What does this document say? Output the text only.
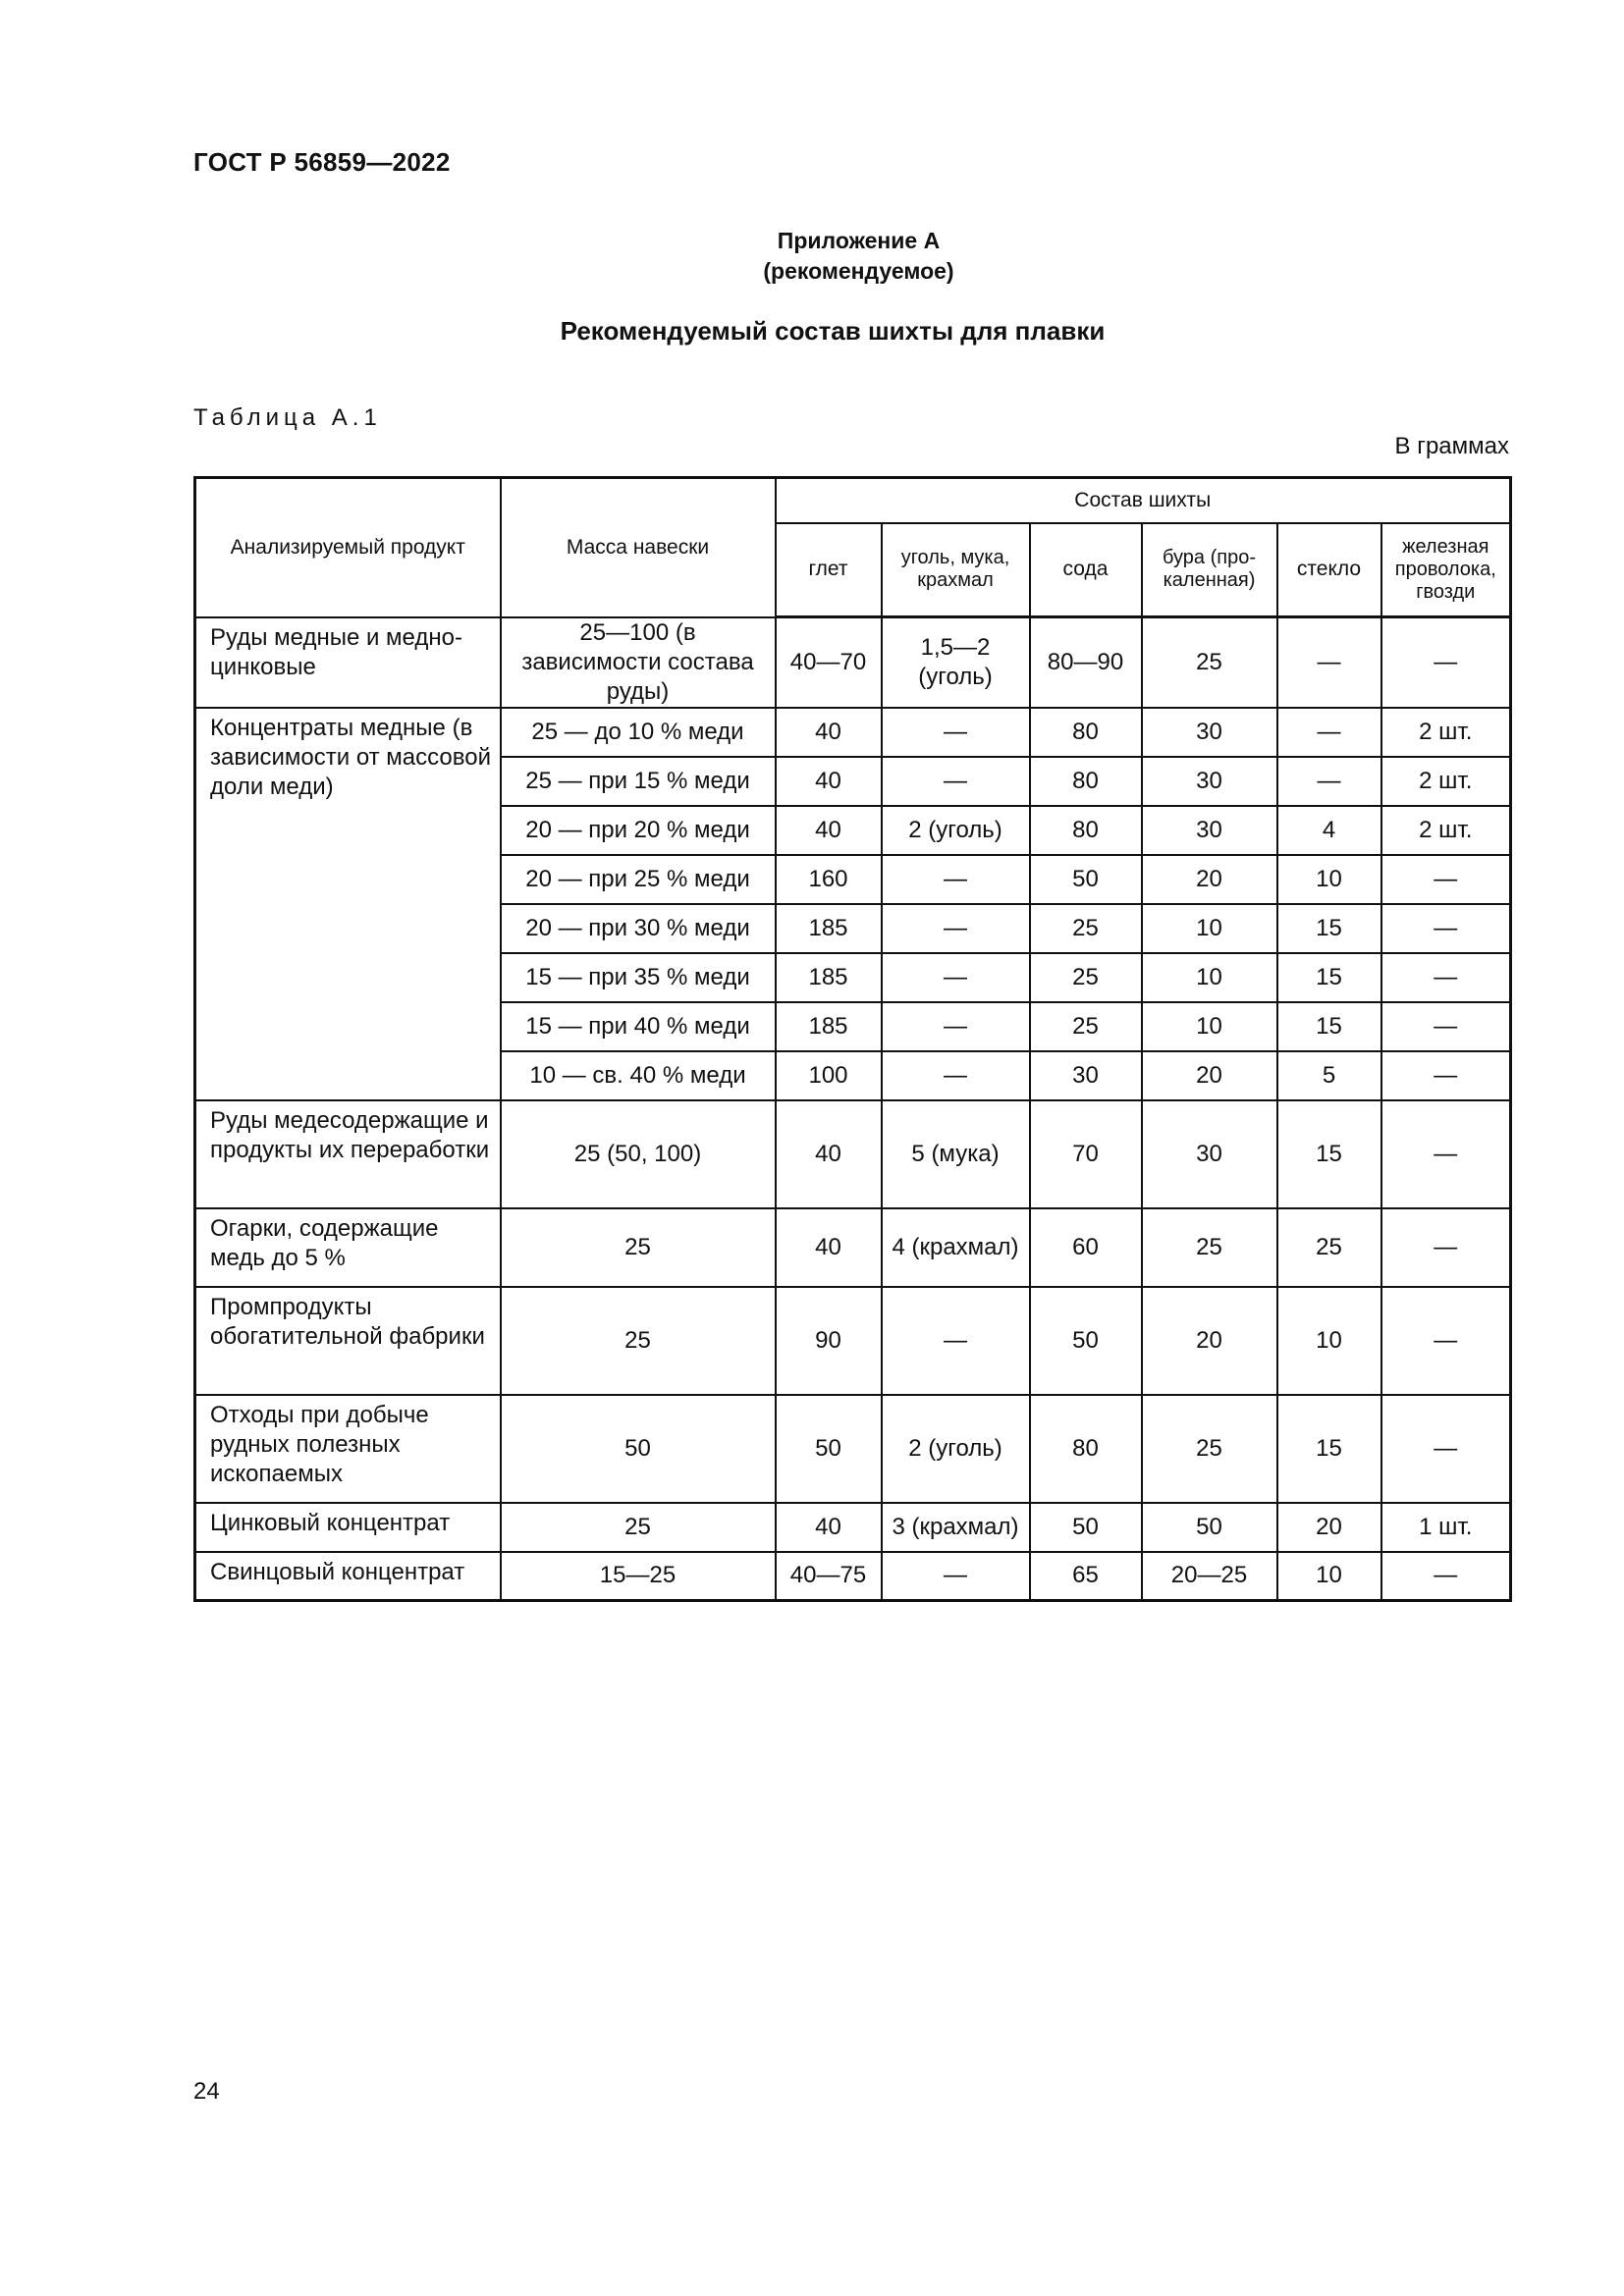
ГОСТ Р 56859—2022
Приложение А
(рекомендуемое)
Рекомендуемый состав шихты для плавки
Таблица А.1
В граммах
Анализируемый продукт	Масса навески	Состав шихты					
		глет	уголь, мука, крахмал	сода	бура (про-каленная)	стекло	железная проволока, гвозди
Руды медные и медно-цинковые	25—100 (в зависимости состава руды)	40—70	1,5—2 (уголь)	80—90	25	—	—
Концентраты медные (в зависимости от массовой доли меди)	25 — до 10 % меди	40	—	80	30	—	2 шт.
	25 — при 15 % меди	40	—	80	30	—	2 шт.
	20 — при 20 % меди	40	2 (уголь)	80	30	4	2 шт.
	20 — при 25 % меди	160	—	50	20	10	—
	20 — при 30 % меди	185	—	25	10	15	—
	15 — при 35 % меди	185	—	25	10	15	—
	15 — при 40 % меди	185	—	25	10	15	—
	10 — св. 40 % меди	100	—	30	20	5	—
Руды медесодержащие и продукты их переработки	25 (50, 100)	40	5 (мука)	70	30	15	—
Огарки, содержащие медь до 5 %	25	40	4 (крахмал)	60	25	25	—
Промпродукты обогатительной фабрики	25	90	—	50	20	10	—
Отходы при добыче рудных полезных ископаемых	50	50	2 (уголь)	80	25	15	—
Цинковый концентрат	25	40	3 (крахмал)	50	50	20	1 шт.
Свинцовый концентрат	15—25	40—75	—	65	20—25	10	—
24
